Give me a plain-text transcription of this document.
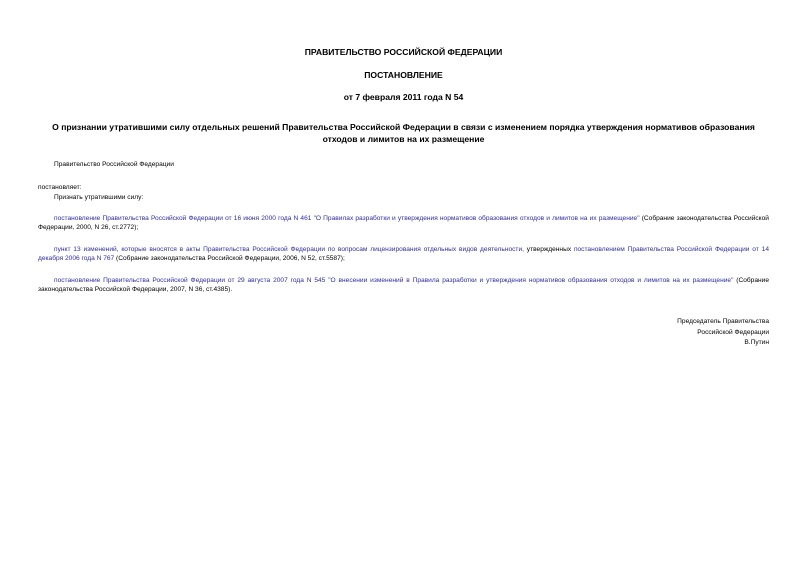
ПРАВИТЕЛЬСТВО РОССИЙСКОЙ ФЕДЕРАЦИИ

ПОСТАНОВЛЕНИЕ

от 7 февраля 2011 года N 54

О признании утратившими силу отдельных решений Правительства Российской Федерации в связи с изменением порядка утверждения нормативов образования отходов и лимитов на их размещение

Правительство Российской Федерации

постановляет:

Признать утратившими силу:

постановление Правительства Российской Федерации от 16 июня 2000 года N 461 "О Правилах разработки и утверждения нормативов образования отходов и лимитов на их размещение" (Собрание законодательства Российской Федерации, 2000, N 26, ст.2772);

пункт 13 изменений, которые вносятся в акты Правительства Российской Федерации по вопросам лицензирования отдельных видов деятельности, утвержденных постановлением Правительства Российской Федерации от 14 декабря 2006 года N 767 (Собрание законодательства Российской Федерации, 2006, N 52, ст.5587);

постановление Правительства Российской Федерации от 29 августа 2007 года N 545 "О внесении изменений в Правила разработки и утверждения нормативов образования отходов и лимитов на их размещение" (Собрание законодательства Российской Федерации, 2007, N 36, ст.4385).

Председатель Правительства
Российской Федерации
В.Путин
